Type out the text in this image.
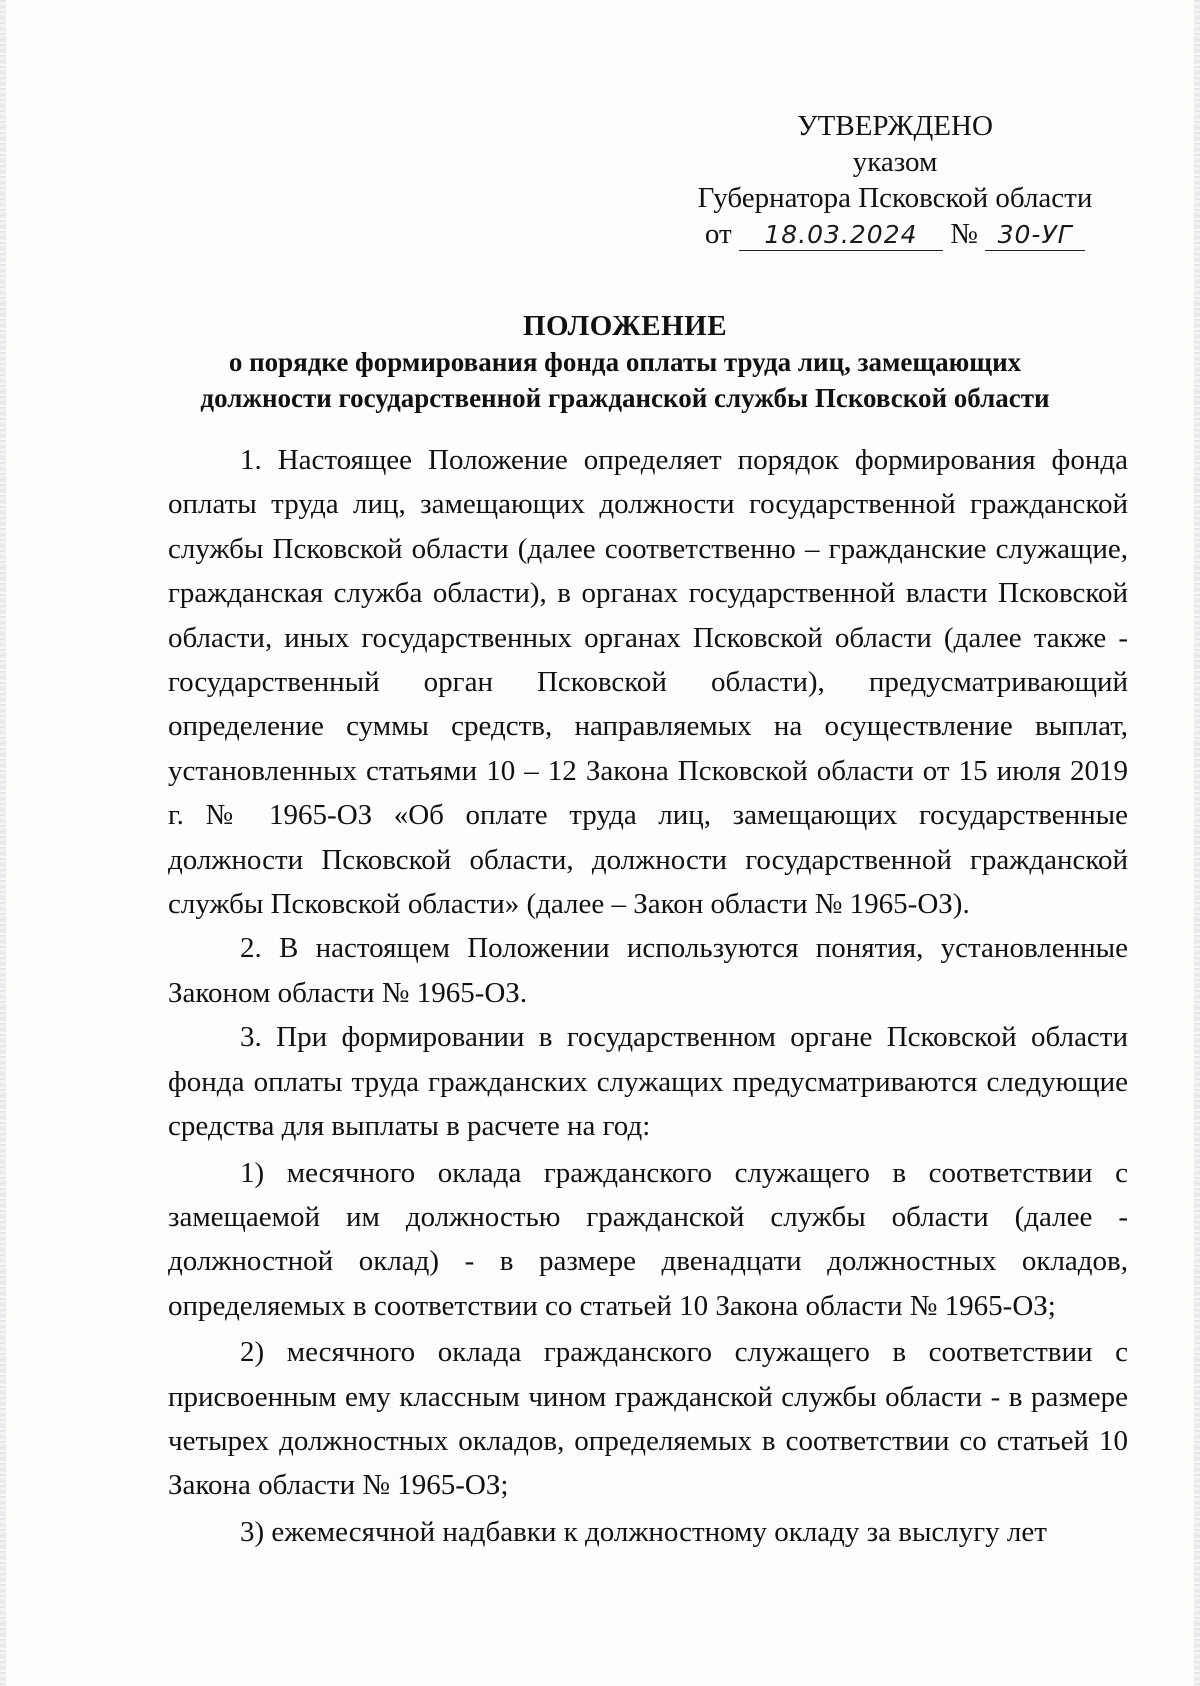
УТВЕРЖДЕНО
указом
Губернатора Псковской области
от 18.03.2024 № 30-УГ
ПОЛОЖЕНИЕ
о порядке формирования фонда оплаты труда лиц, замещающих
должности государственной гражданской службы Псковской области

1. Настоящее Положение определяет порядок формирования фонда оплаты труда лиц, замещающих должности государственной гражданской службы Псковской области (далее соответственно – гражданские служащие, гражданская служба области), в органах государственной власти Псковской области, иных государственных органах Псковской области (далее также - государственный орган Псковской области), предусматривающий определение суммы средств, направляемых на осуществление выплат, установленных статьями 10 – 12 Закона Псковской области от 15 июля 2019 г. № 1965-ОЗ «Об оплате труда лиц, замещающих государственные должности Псковской области, должности государственной гражданской службы Псковской области» (далее – Закон области № 1965-ОЗ).

2. В настоящем Положении используются понятия, установленные Законом области № 1965-ОЗ.

3. При формировании в государственном органе Псковской области фонда оплаты труда гражданских служащих предусматриваются следующие средства для выплаты в расчете на год:

1) месячного оклада гражданского служащего в соответствии с замещаемой им должностью гражданской службы области (далее - должностной оклад) - в размере двенадцати должностных окладов, определяемых в соответствии со статьей 10 Закона области № 1965-ОЗ;

2) месячного оклада гражданского служащего в соответствии с присвоенным ему классным чином гражданской службы области - в размере четырех должностных окладов, определяемых в соответствии со статьей 10 Закона области № 1965-ОЗ;

3) ежемесячной надбавки к должностному окладу за выслугу лет
